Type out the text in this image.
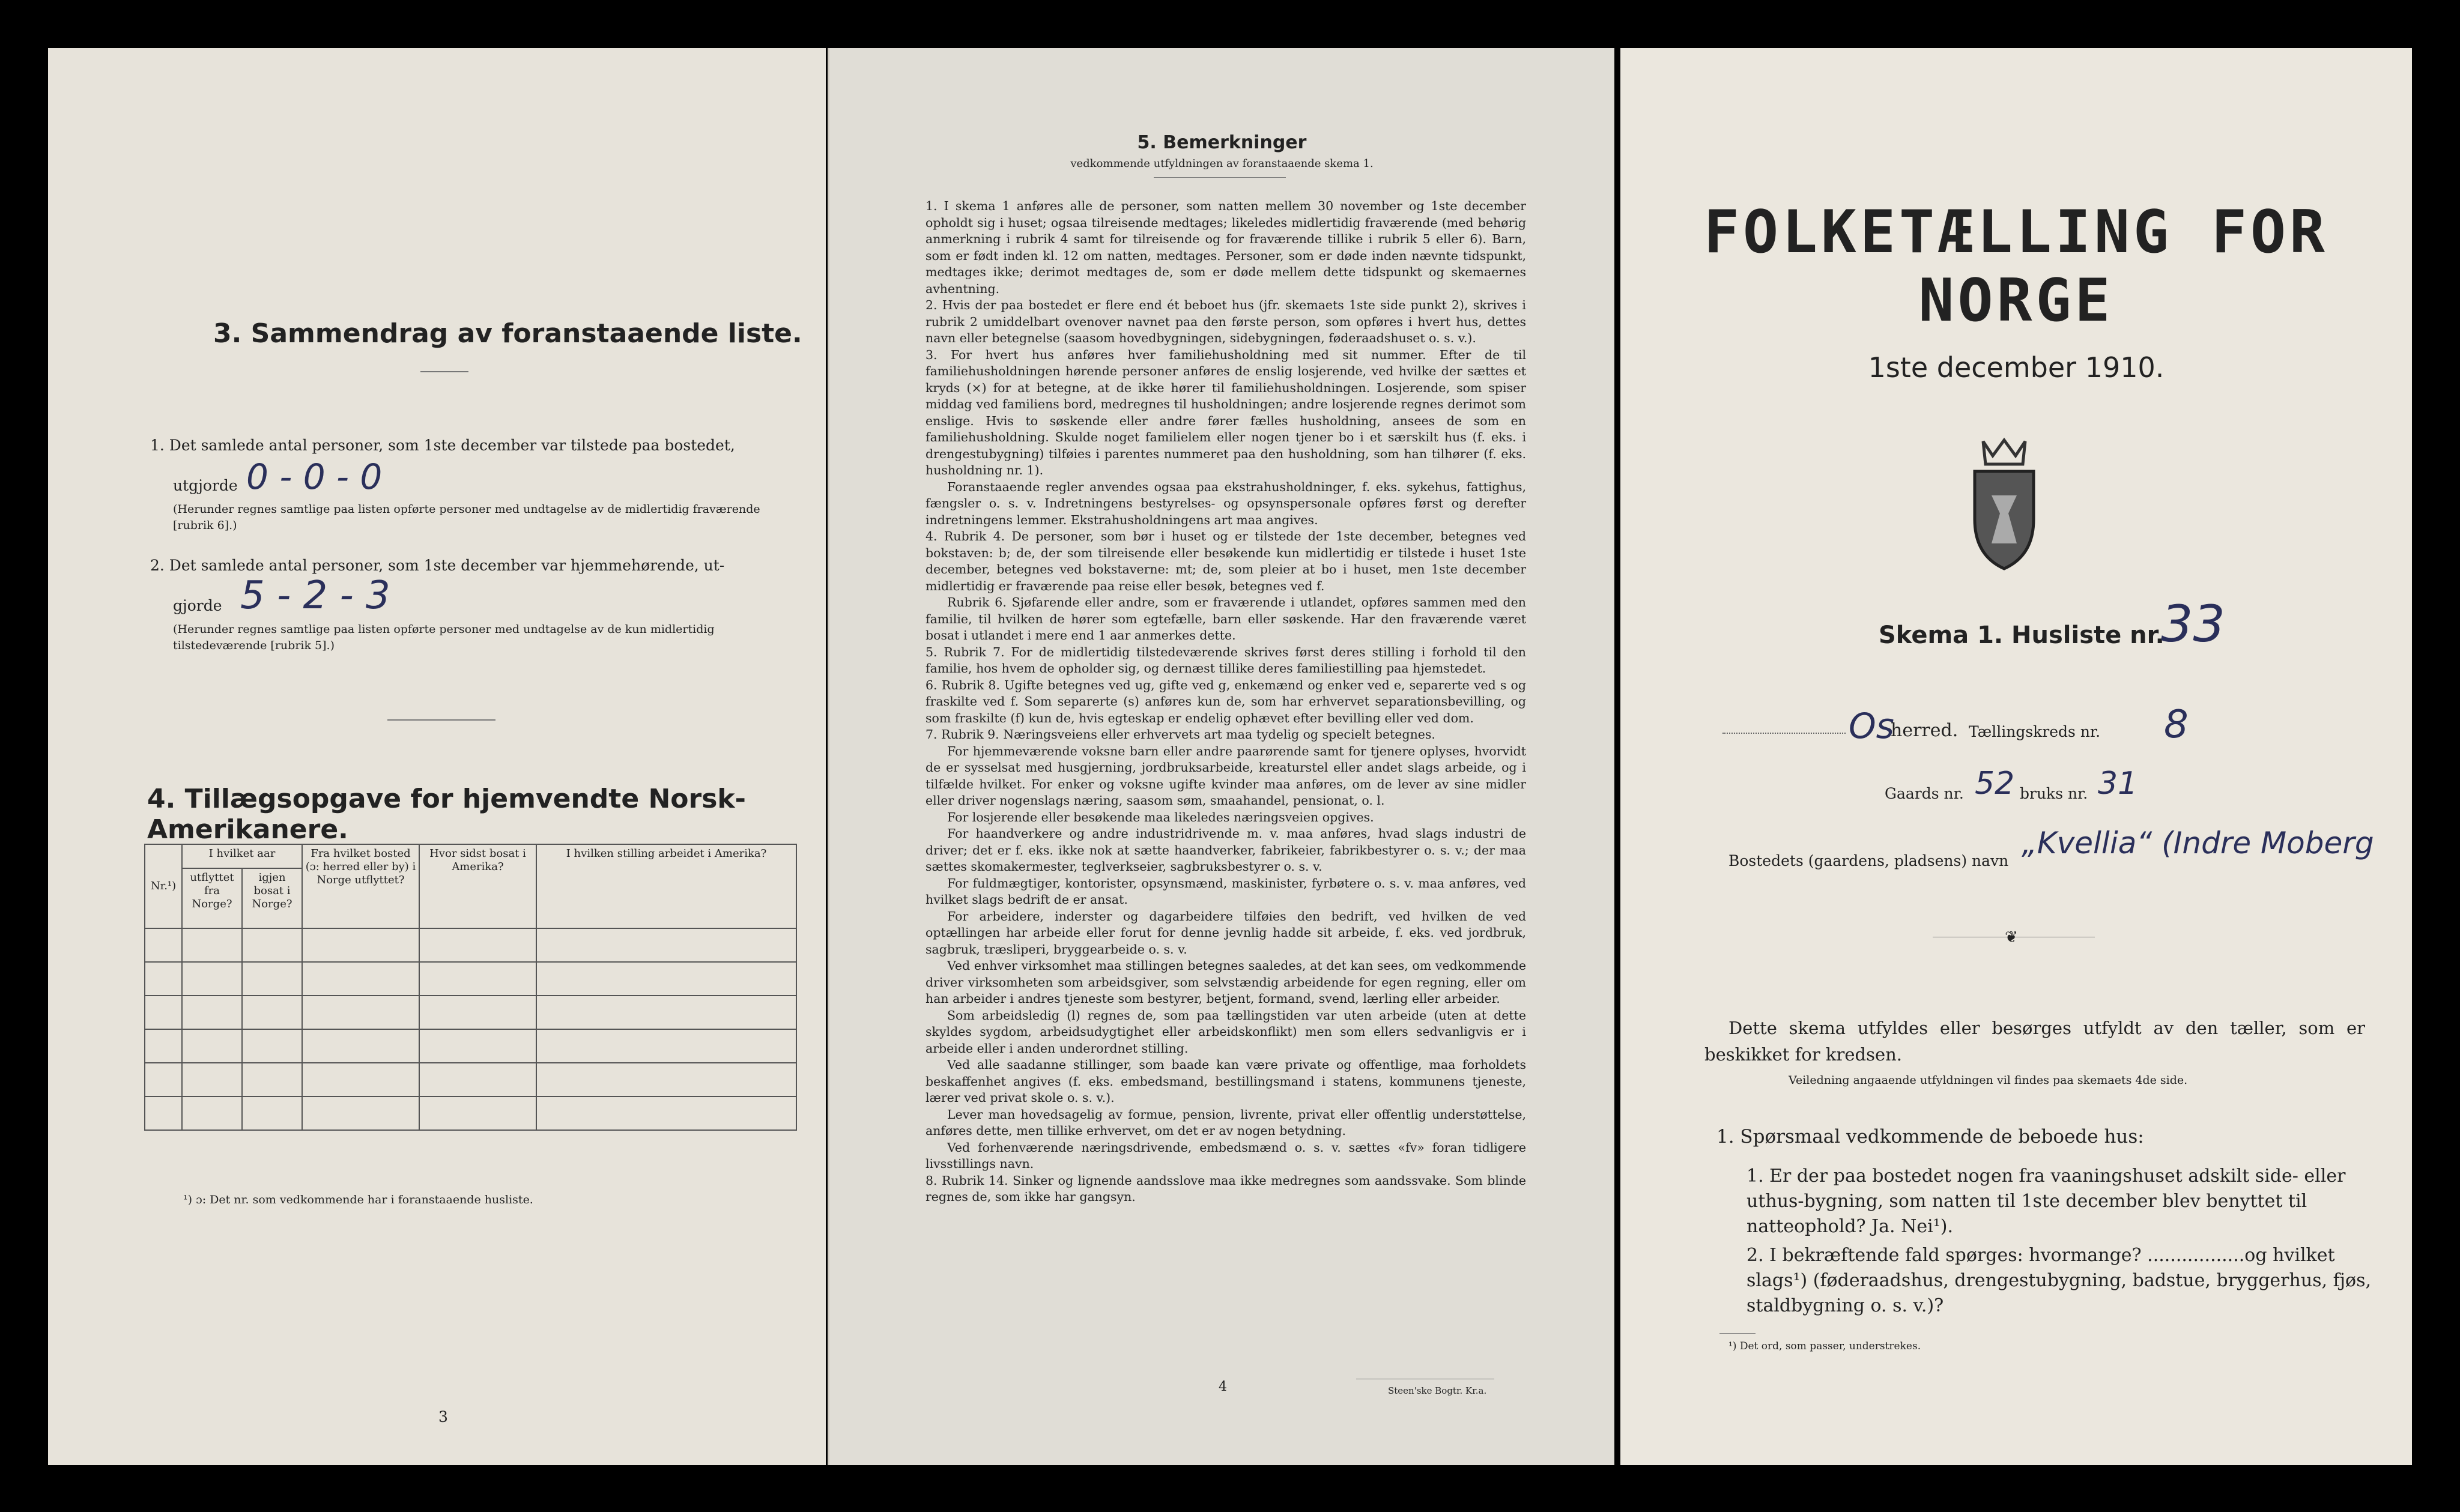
3. Sammendrag av foranstaaende liste.
1. Det samlede antal personer, som 1ste december var tilstede paa bostedet,
utgjorde 0 - 0 - 0
(Herunder regnes samtlige paa listen opførte personer med undtagelse av de midlertidig fraværende [rubrik 6].)
2. Det samlede antal personer, som 1ste december var hjemmehørende, ut-
gjorde 5 - 2 - 3
(Herunder regnes samtlige paa listen opførte personer med undtagelse av de kun midlertidig tilstedeværende [rubrik 5].)
4. Tillægsopgave for hjemvendte Norsk-Amerikanere.
Nr.¹)	I hvilket aar		Fra hvilket bosted (ɔ: herred eller by) i Norge utflyttet?	Hvor sidst bosat i Amerika?	I hvilken stilling arbeidet i Amerika?
	utflyttet fra Norge?	igjen bosat i Norge?			

¹) ɔ: Det nr. som vedkommende har i foranstaaende husliste.
3
5. Bemerkninger
vedkommende utfyldningen av foranstaaende skema 1.

1. I skema 1 anføres alle de personer, som natten mellem 30 november og 1ste december opholdt sig i huset; ogsaa tilreisende medtages; likeledes midlertidig fraværende (med behørig anmerkning i rubrik 4 samt for tilreisende og for fraværende tillike i rubrik 5 eller 6). Barn, som er født inden kl. 12 om natten, medtages. Personer, som er døde inden nævnte tidspunkt, medtages ikke; derimot medtages de, som er døde mellem dette tidspunkt og skemaernes avhentning.

2. Hvis der paa bostedet er flere end ét beboet hus (jfr. skemaets 1ste side punkt 2), skrives i rubrik 2 umiddelbart ovenover navnet paa den første person, som opføres i hvert hus, dettes navn eller betegnelse (saasom hovedbygningen, sidebygningen, føderaadshuset o. s. v.).

3. For hvert hus anføres hver familiehusholdning med sit nummer. Efter de til familiehusholdningen hørende personer anføres de enslig losjerende, ved hvilke der sættes et kryds (×) for at betegne, at de ikke hører til familiehusholdningen. Losjerende, som spiser middag ved familiens bord, medregnes til husholdningen; andre losjerende regnes derimot som enslige. Hvis to søskende eller andre fører fælles husholdning, ansees de som en familiehusholdning. Skulde noget familielem eller nogen tjener bo i et særskilt hus (f. eks. i drengestubygning) tilføies i parentes nummeret paa den husholdning, som han tilhører (f. eks. husholdning nr. 1).

Foranstaaende regler anvendes ogsaa paa ekstrahusholdninger, f. eks. sykehus, fattighus, fængsler o. s. v. Indretningens bestyrelses- og opsynspersonale opføres først og derefter indretningens lemmer. Ekstrahusholdningens art maa angives.

4. Rubrik 4. De personer, som bør i huset og er tilstede der 1ste december, betegnes ved bokstaven: b; de, der som tilreisende eller besøkende kun midlertidig er tilstede i huset 1ste december, betegnes ved bokstaverne: mt; de, som pleier at bo i huset, men 1ste december midlertidig er fraværende paa reise eller besøk, betegnes ved f.

Rubrik 6. Sjøfarende eller andre, som er fraværende i utlandet, opføres sammen med den familie, til hvilken de hører som egtefælle, barn eller søskende. Har den fraværende været bosat i utlandet i mere end 1 aar anmerkes dette.

5. Rubrik 7. For de midlertidig tilstedeværende skrives først deres stilling i forhold til den familie, hos hvem de opholder sig, og dernæst tillike deres familiestilling paa hjemstedet.

6. Rubrik 8. Ugifte betegnes ved ug, gifte ved g, enkemænd og enker ved e, separerte ved s og fraskilte ved f. Som separerte (s) anføres kun de, som har erhvervet separationsbevilling, og som fraskilte (f) kun de, hvis egteskap er endelig ophævet efter bevilling eller ved dom.

7. Rubrik 9. Næringsveiens eller erhvervets art maa tydelig og specielt betegnes.

For hjemmeværende voksne barn eller andre paarørende samt for tjenere oplyses, hvorvidt de er sysselsat med husgjerning, jordbruksarbeide, kreaturstel eller andet slags arbeide, og i tilfælde hvilket. For enker og voksne ugifte kvinder maa anføres, om de lever av sine midler eller driver nogenslags næring, saasom søm, smaahandel, pensionat, o. l.

For losjerende eller besøkende maa likeledes næringsveien opgives.

For haandverkere og andre industridrivende m. v. maa anføres, hvad slags industri de driver; det er f. eks. ikke nok at sætte haandverker, fabrikeier, fabrikbestyrer o. s. v.; der maa sættes skomakermester, teglverkseier, sagbruksbestyrer o. s. v.

For fuldmægtiger, kontorister, opsynsmænd, maskinister, fyrbøtere o. s. v. maa anføres, ved hvilket slags bedrift de er ansat.

For arbeidere, inderster og dagarbeidere tilføies den bedrift, ved hvilken de ved optællingen har arbeide eller forut for denne jevnlig hadde sit arbeide, f. eks. ved jordbruk, sagbruk, træsliperi, bryggearbeide o. s. v.

Ved enhver virksomhet maa stillingen betegnes saaledes, at det kan sees, om vedkommende driver virksomheten som arbeidsgiver, som selvstændig arbeidende for egen regning, eller om han arbeider i andres tjeneste som bestyrer, betjent, formand, svend, lærling eller arbeider.

Som arbeidsledig (l) regnes de, som paa tællingstiden var uten arbeide (uten at dette skyldes sygdom, arbeidsudygtighet eller arbeidskonflikt) men som ellers sedvanligvis er i arbeide eller i anden underordnet stilling.

Ved alle saadanne stillinger, som baade kan være private og offentlige, maa forholdets beskaffenhet angives (f. eks. embedsmand, bestillingsmand i statens, kommunens tjeneste, lærer ved privat skole o. s. v.).

Lever man hovedsagelig av formue, pension, livrente, privat eller offentlig understøttelse, anføres dette, men tillike erhvervet, om det er av nogen betydning.

Ved forhenværende næringsdrivende, embedsmænd o. s. v. sættes «fv» foran tidligere livsstillings navn.

8. Rubrik 14. Sinker og lignende aandsslove maa ikke medregnes som aandssvake. Som blinde regnes de, som ikke har gangsyn.

4	Steen'ske Bogtr. Kr.a.
FOLKETÆLLING FOR NORGE
1ste december 1910.
Skema 1. Husliste nr.
33
Os
herred. Tællingskreds nr. 8
Gaards nr. 52 bruks nr. 31
Bostedets (gaardens, pladsens) navn
„Kvellia“ (Indre Moberg
❦
Dette skema utfyldes eller besørges utfyldt av den tæller, som er beskikket for kredsen.
Veiledning angaaende utfyldningen vil findes paa skemaets 4de side.
1. Spørsmaal vedkommende de beboede hus:
1. Er der paa bostedet nogen fra vaaningshuset adskilt side- eller uthus-bygning, som natten til 1ste december blev benyttet til natteophold? Ja. Nei¹).
2. I bekræftende fald spørges: hvormange? .................og hvilket slags¹) (føderaadshus, drengestubygning, badstue, bryggerhus, fjøs, staldbygning o. s. v.)?
¹) Det ord, som passer, understrekes.
